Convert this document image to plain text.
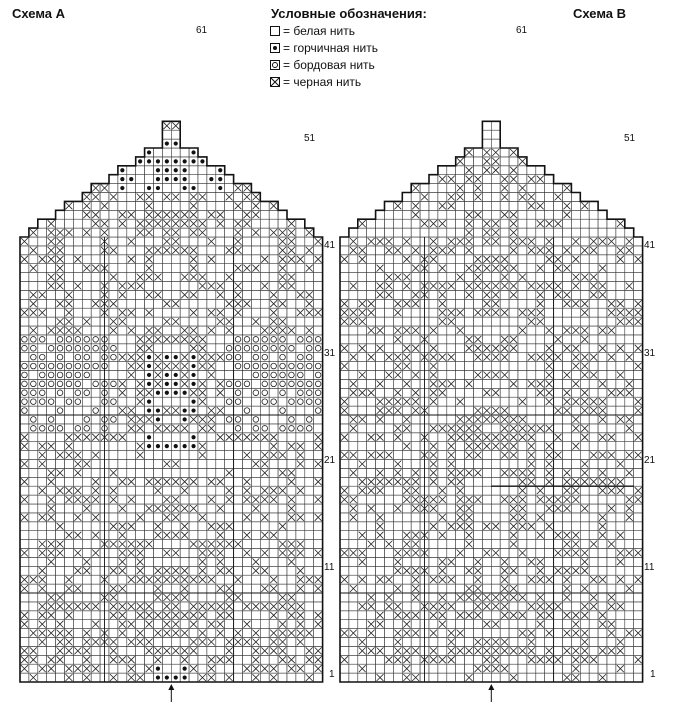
Схема А	Схема В
Условные обозначения:
= белая нить
= горчичная нить
= бордовая нить
= черная нить
1
11
21
31
41
51
61
1
11
21
31
41
51
61
